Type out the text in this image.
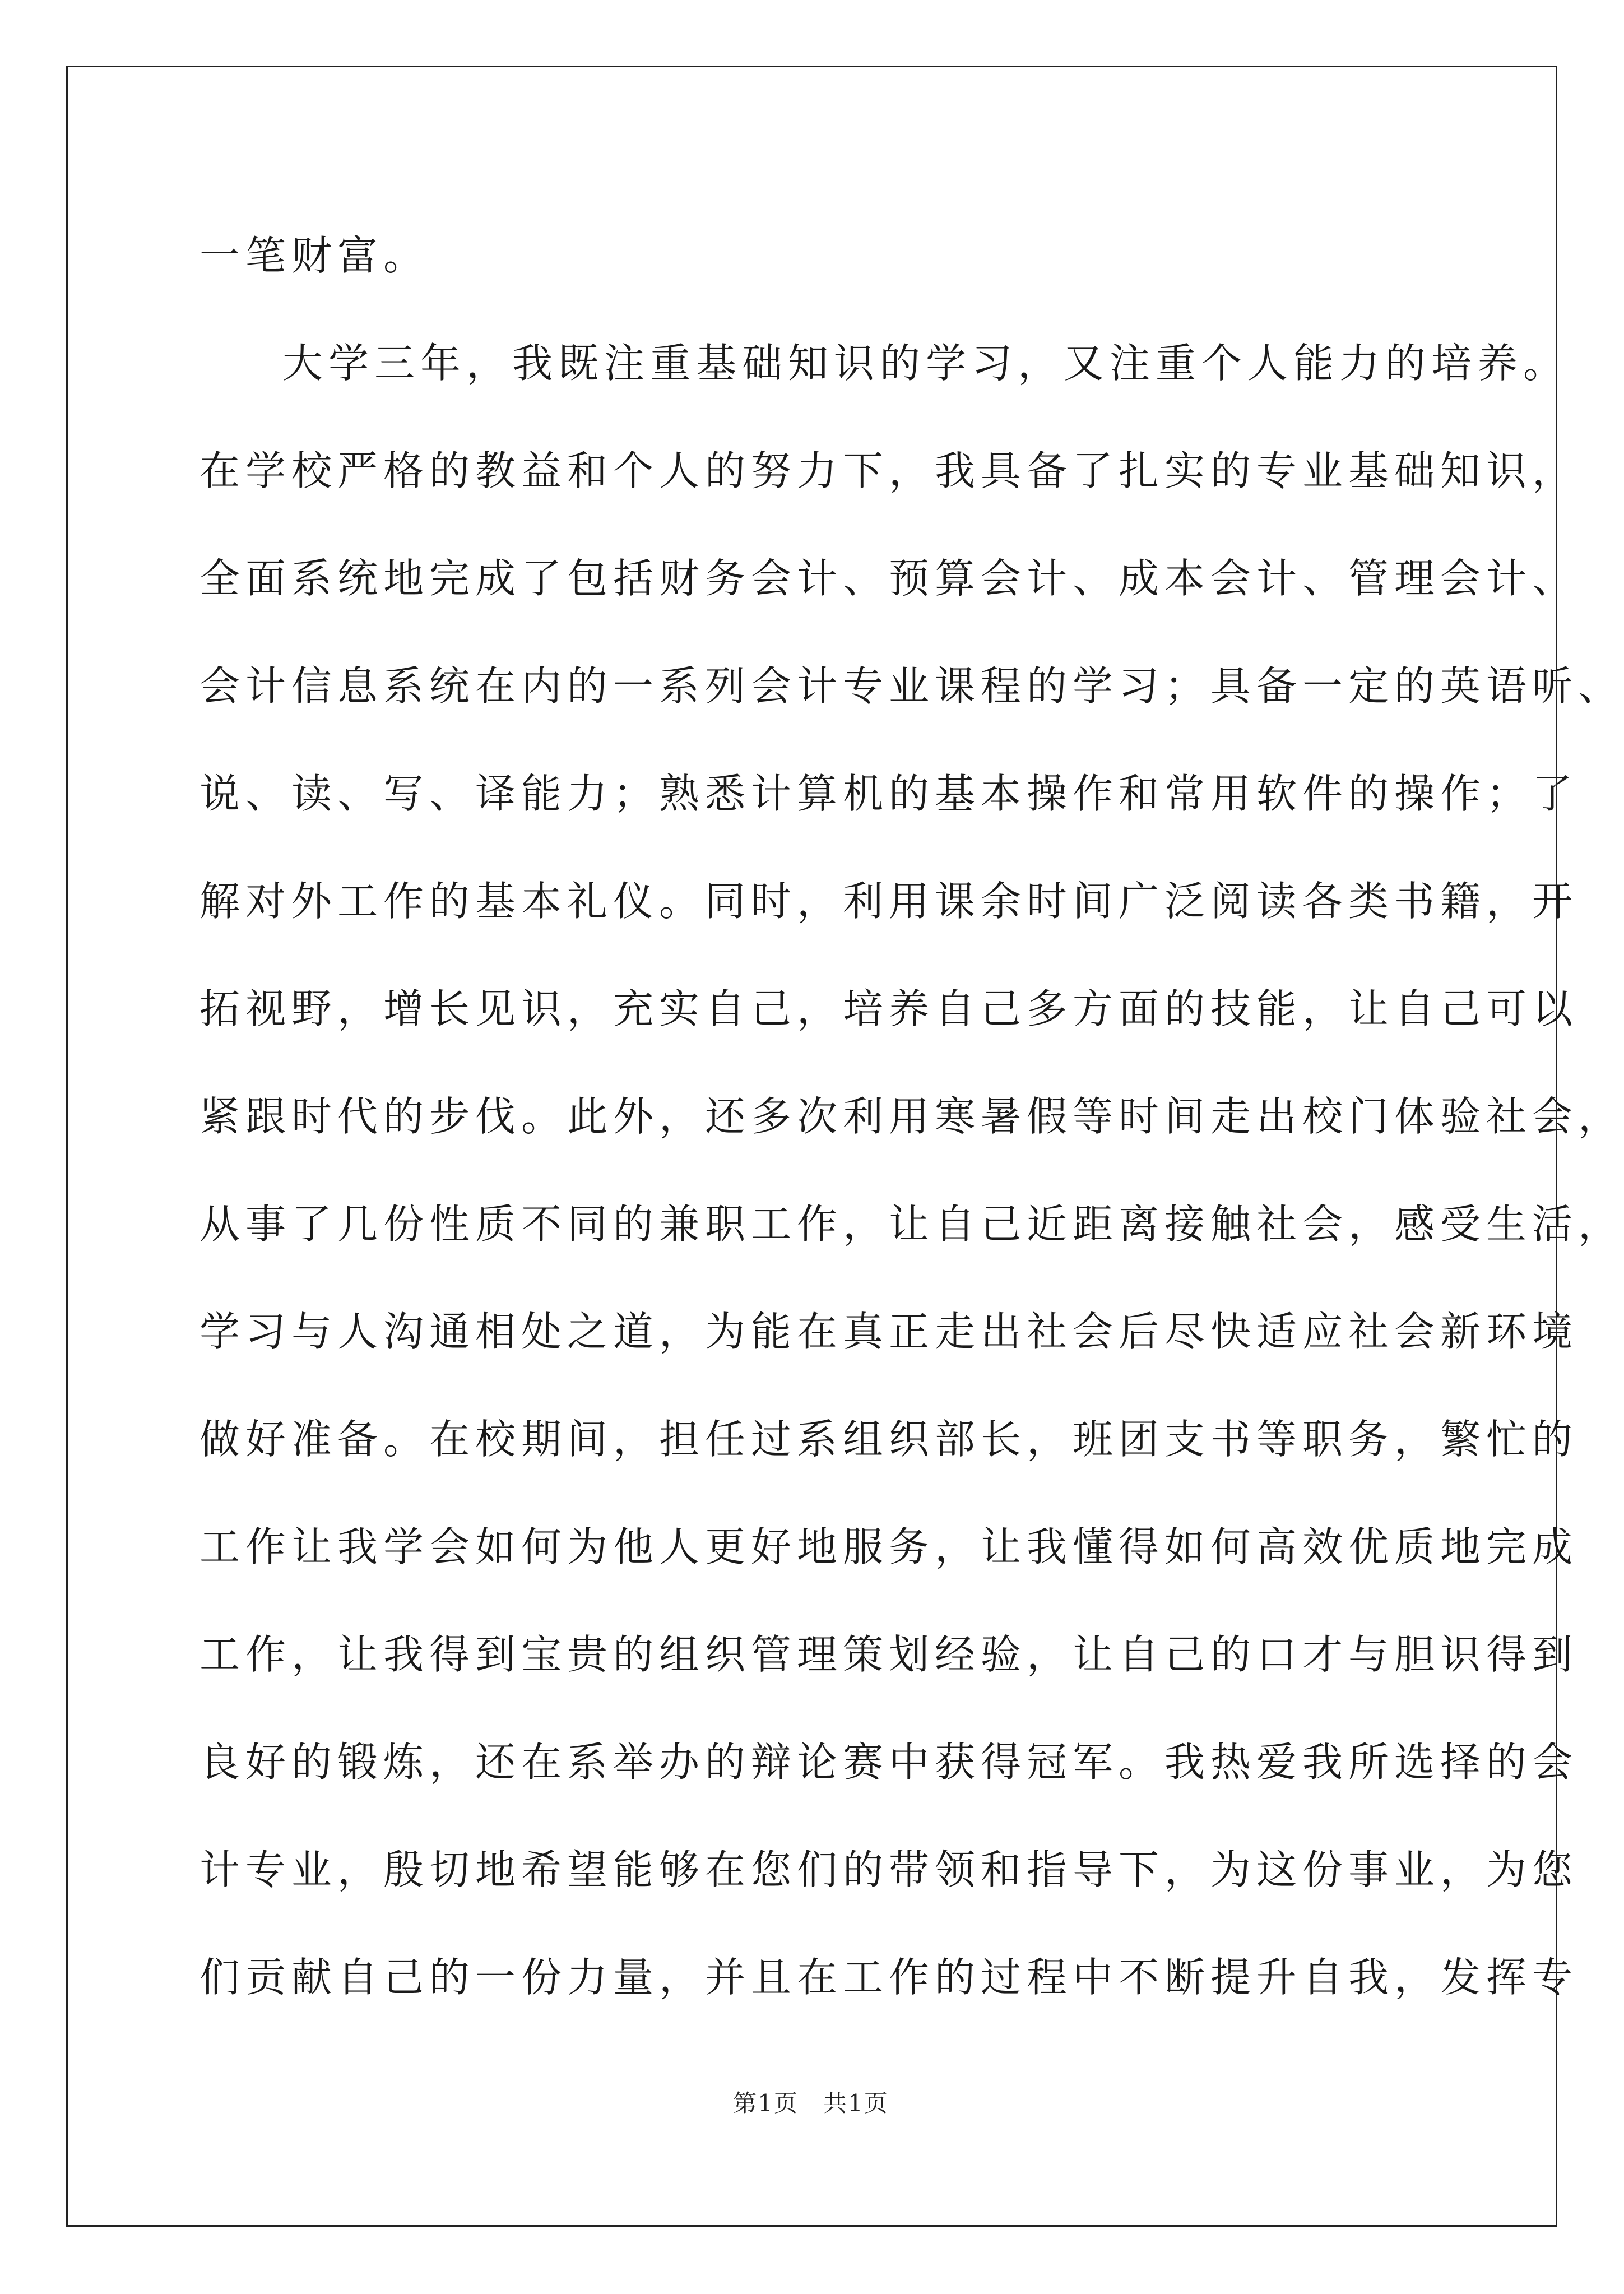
一笔财富。
大学三年，我既注重基础知识的学习，又注重个人能力的培养。
在学校严格的教益和个人的努力下，我具备了扎实的专业基础知识，
全面系统地完成了包括财务会计、预算会计、成本会计、管理会计、
会计信息系统在内的一系列会计专业课程的学习；具备一定的英语听、
说、读、写、译能力；熟悉计算机的基本操作和常用软件的操作；了
解对外工作的基本礼仪。同时，利用课余时间广泛阅读各类书籍，开
拓视野，增长见识，充实自己，培养自己多方面的技能，让自己可以
紧跟时代的步伐。此外，还多次利用寒暑假等时间走出校门体验社会，
从事了几份性质不同的兼职工作，让自己近距离接触社会，感受生活，
学习与人沟通相处之道，为能在真正走出社会后尽快适应社会新环境
做好准备。在校期间，担任过系组织部长，班团支书等职务，繁忙的
工作让我学会如何为他人更好地服务，让我懂得如何高效优质地完成
工作，让我得到宝贵的组织管理策划经验，让自己的口才与胆识得到
良好的锻炼，还在系举办的辩论赛中获得冠军。我热爱我所选择的会
计专业，殷切地希望能够在您们的带领和指导下，为这份事业，为您
们贡献自己的一份力量，并且在工作的过程中不断提升自我，发挥专
第1页　共1页
